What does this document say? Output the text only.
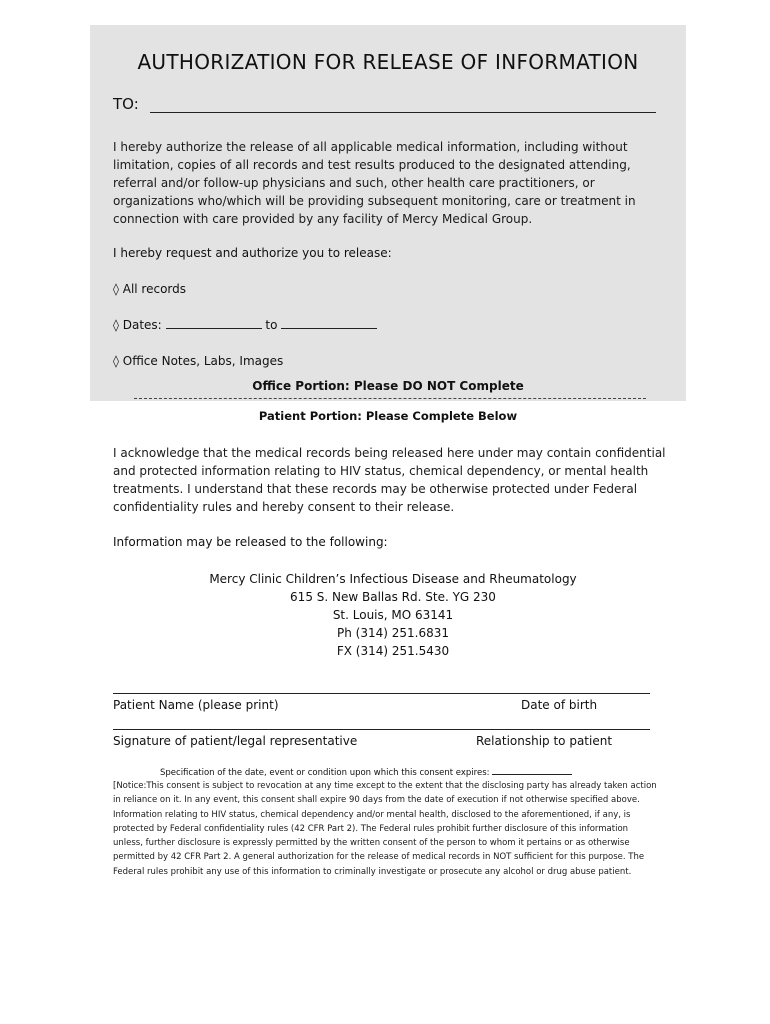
AUTHORIZATION FOR RELEASE OF INFORMATION
TO:
I hereby authorize the release of all applicable medical information, including without limitation, copies of all records and test results produced to the designated attending, referral and/or follow-up physicians and such, other health care practitioners, or organizations who/which will be providing subsequent monitoring, care or treatment in connection with care provided by any facility of Mercy Medical Group.
I hereby request and authorize you to release:
◊ All records
◊ Dates:	to
◊ Office Notes, Labs, Images
Office Portion: Please DO NOT Complete
Patient Portion: Please Complete Below
I acknowledge that the medical records being released here under may contain confidential and protected information relating to HIV status, chemical dependency, or mental health treatments. I understand that these records may be otherwise protected under Federal confidentiality rules and hereby consent to their release.
Information may be released to the following:
Mercy Clinic Children’s Infectious Disease and Rheumatology
615 S. New Ballas Rd. Ste. YG 230
St. Louis, MO 63141
Ph (314) 251.6831
FX (314) 251.5430
Patient Name (please print)	Date of birth
Signature of patient/legal representative	Relationship to patient
Specification of the date, event or condition upon which this consent expires:
[Notice:This consent is subject to revocation at any time except to the extent that the disclosing party has already taken action in reliance on it. In any event, this consent shall expire 90 days from the date of execution if not otherwise specified above. Information relating to HIV status, chemical dependency and/or mental health, disclosed to the aforementioned, if any, is protected by Federal confidentiality rules (42 CFR Part 2). The Federal rules prohibit further disclosure of this information unless, further disclosure is expressly permitted by the written consent of the person to whom it pertains or as otherwise permitted by 42 CFR Part 2. A general authorization for the release of medical records in NOT sufficient for this purpose. The Federal rules prohibit any use of this information to criminally investigate or prosecute any alcohol or drug abuse patient.
